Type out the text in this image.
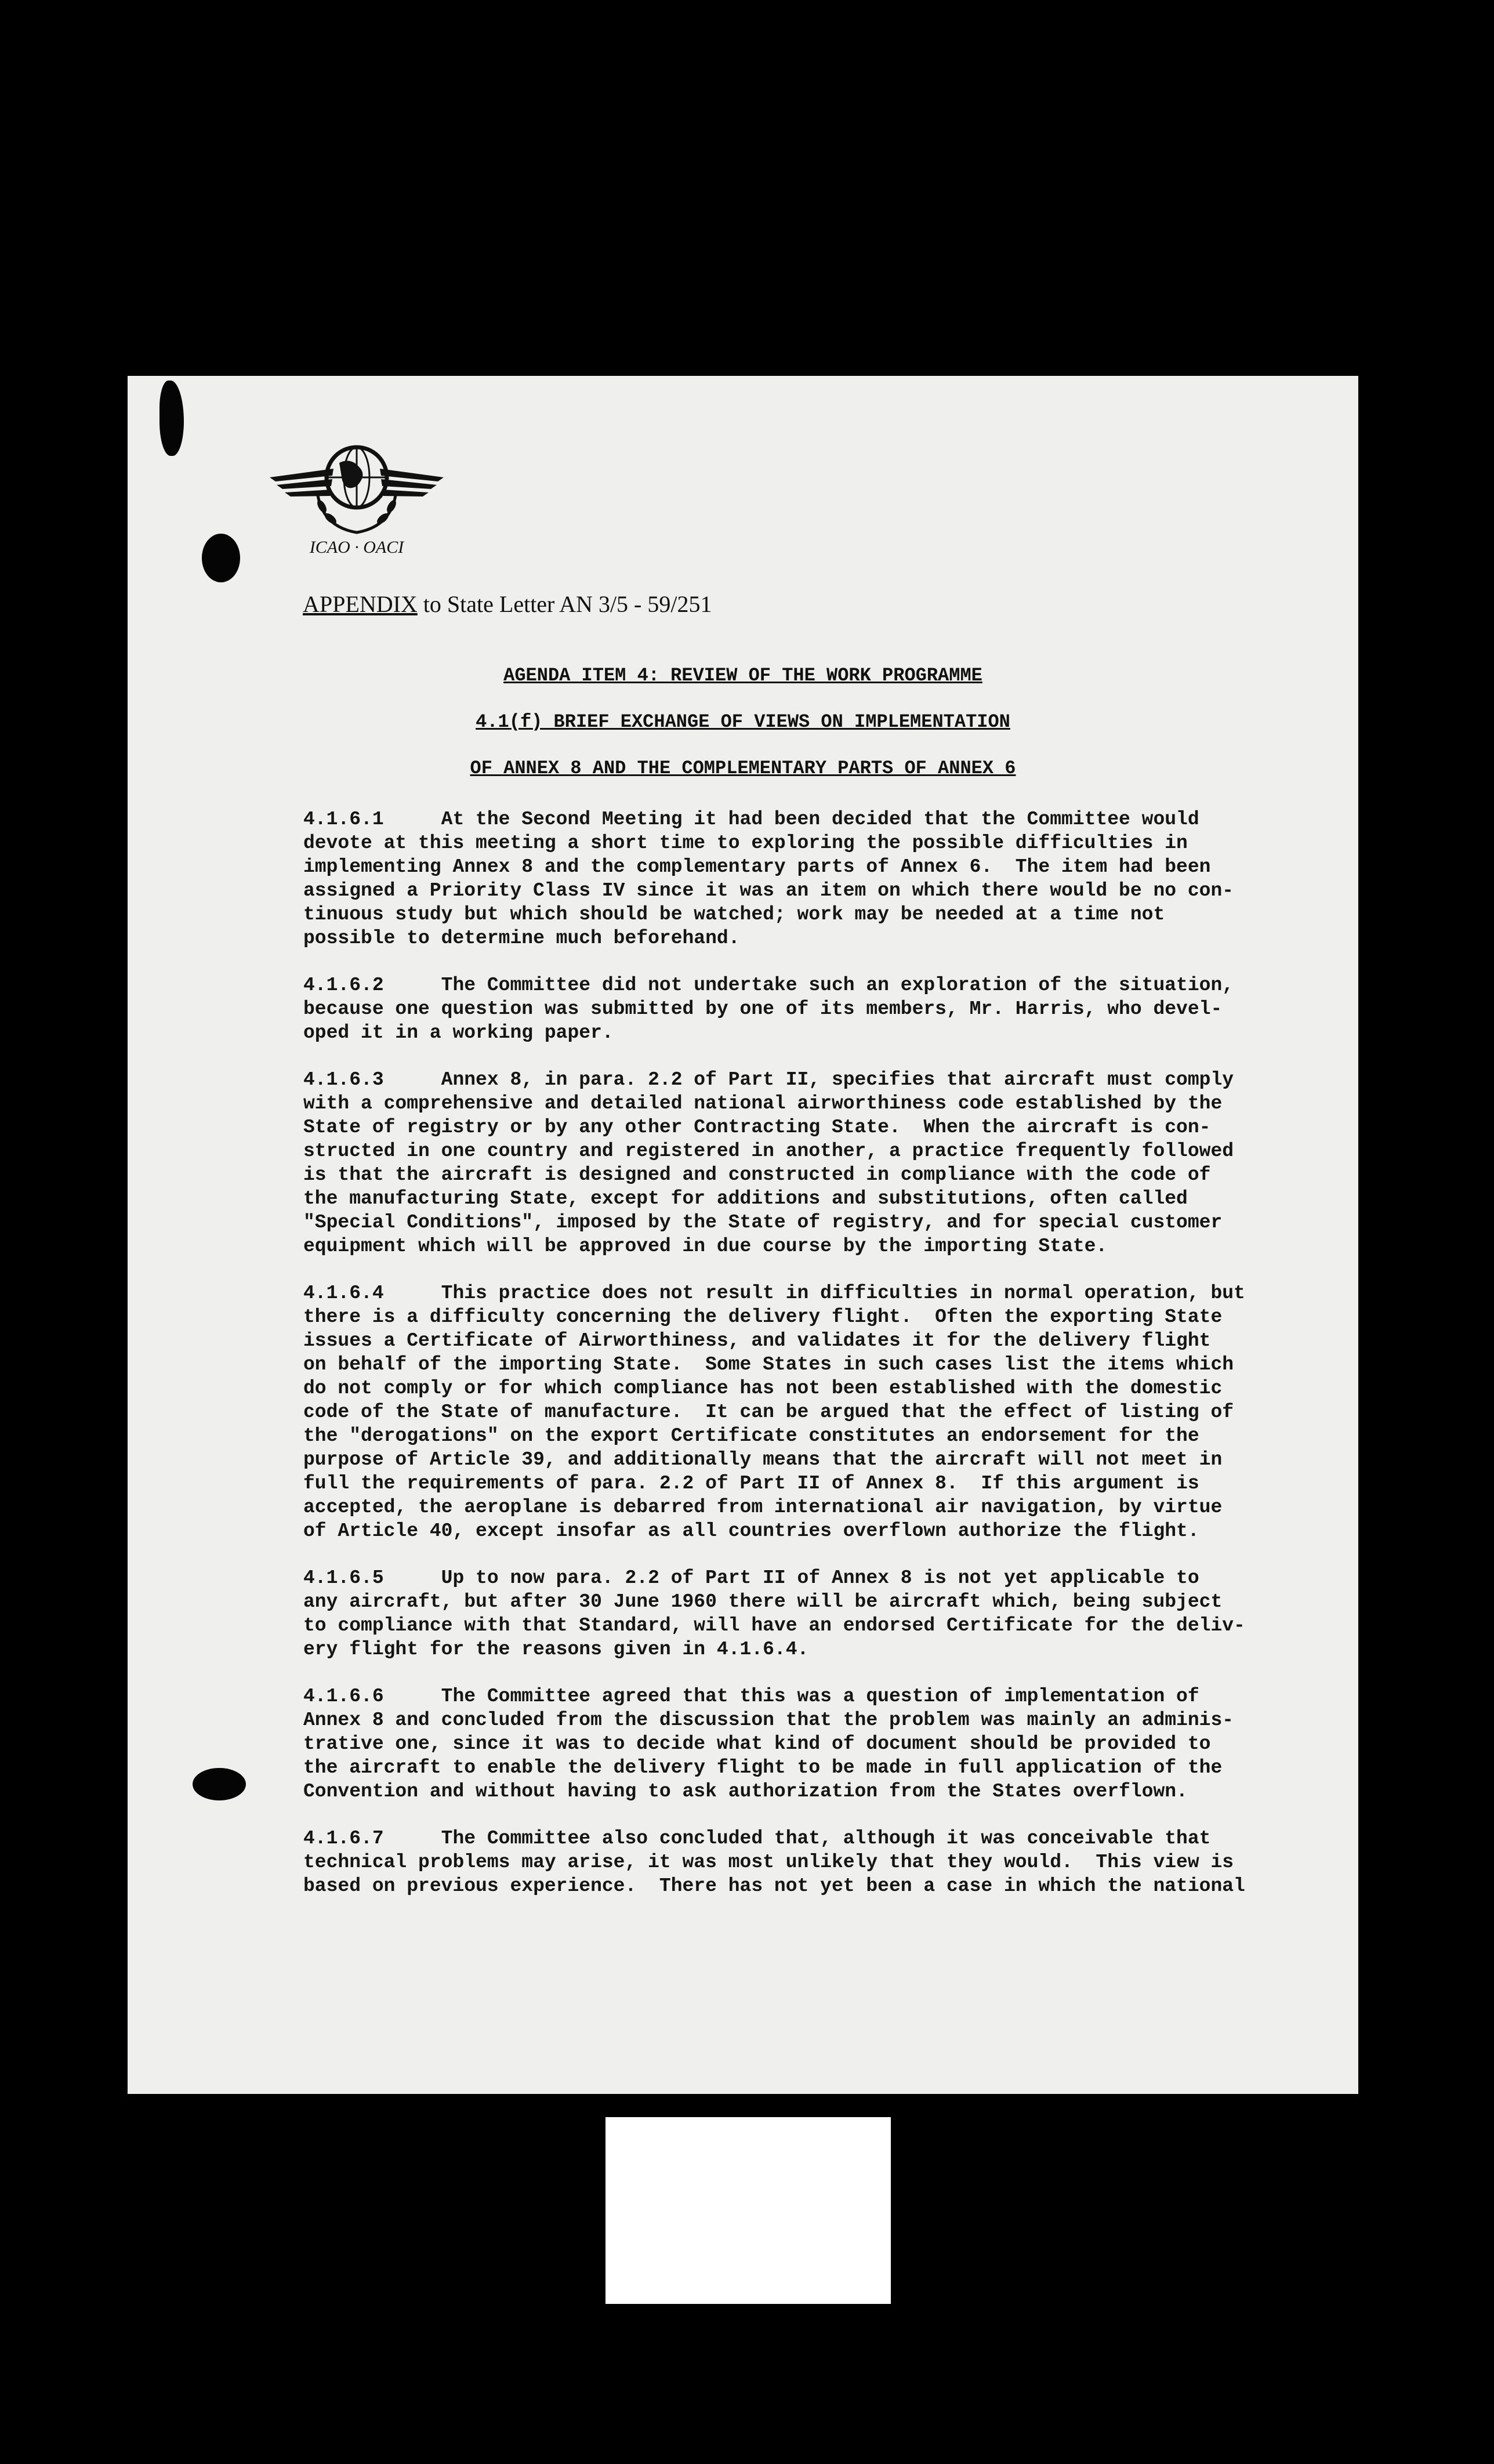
ICAO · OACI
APPENDIX to State Letter AN 3/5 - 59/251
AGENDA ITEM 4: REVIEW OF THE WORK PROGRAMME
4.1(f) BRIEF EXCHANGE OF VIEWS ON IMPLEMENTATION
OF ANNEX 8 AND THE COMPLEMENTARY PARTS OF ANNEX 6
4.1.6.1     At the Second Meeting it had been decided that the Committee would
devote at this meeting a short time to exploring the possible difficulties in
implementing Annex 8 and the complementary parts of Annex 6.  The item had been
assigned a Priority Class IV since it was an item on which there would be no con-
tinuous study but which should be watched; work may be needed at a time not
possible to determine much beforehand.
4.1.6.2     The Committee did not undertake such an exploration of the situation,
because one question was submitted by one of its members, Mr. Harris, who devel-
oped it in a working paper.
4.1.6.3     Annex 8, in para. 2.2 of Part II, specifies that aircraft must comply
with a comprehensive and detailed national airworthiness code established by the
State of registry or by any other Contracting State.  When the aircraft is con-
structed in one country and registered in another, a practice frequently followed
is that the aircraft is designed and constructed in compliance with the code of
the manufacturing State, except for additions and substitutions, often called
"Special Conditions", imposed by the State of registry, and for special customer
equipment which will be approved in due course by the importing State.
4.1.6.4     This practice does not result in difficulties in normal operation, but
there is a difficulty concerning the delivery flight.  Often the exporting State
issues a Certificate of Airworthiness, and validates it for the delivery flight
on behalf of the importing State.  Some States in such cases list the items which
do not comply or for which compliance has not been established with the domestic
code of the State of manufacture.  It can be argued that the effect of listing of
the "derogations" on the export Certificate constitutes an endorsement for the
purpose of Article 39, and additionally means that the aircraft will not meet in
full the requirements of para. 2.2 of Part II of Annex 8.  If this argument is
accepted, the aeroplane is debarred from international air navigation, by virtue
of Article 40, except insofar as all countries overflown authorize the flight.
4.1.6.5     Up to now para. 2.2 of Part II of Annex 8 is not yet applicable to
any aircraft, but after 30 June 1960 there will be aircraft which, being subject
to compliance with that Standard, will have an endorsed Certificate for the deliv-
ery flight for the reasons given in 4.1.6.4.
4.1.6.6     The Committee agreed that this was a question of implementation of
Annex 8 and concluded from the discussion that the problem was mainly an adminis-
trative one, since it was to decide what kind of document should be provided to
the aircraft to enable the delivery flight to be made in full application of the
Convention and without having to ask authorization from the States overflown.
4.1.6.7     The Committee also concluded that, although it was conceivable that
technical problems may arise, it was most unlikely that they would.  This view is
based on previous experience.  There has not yet been a case in which the national
